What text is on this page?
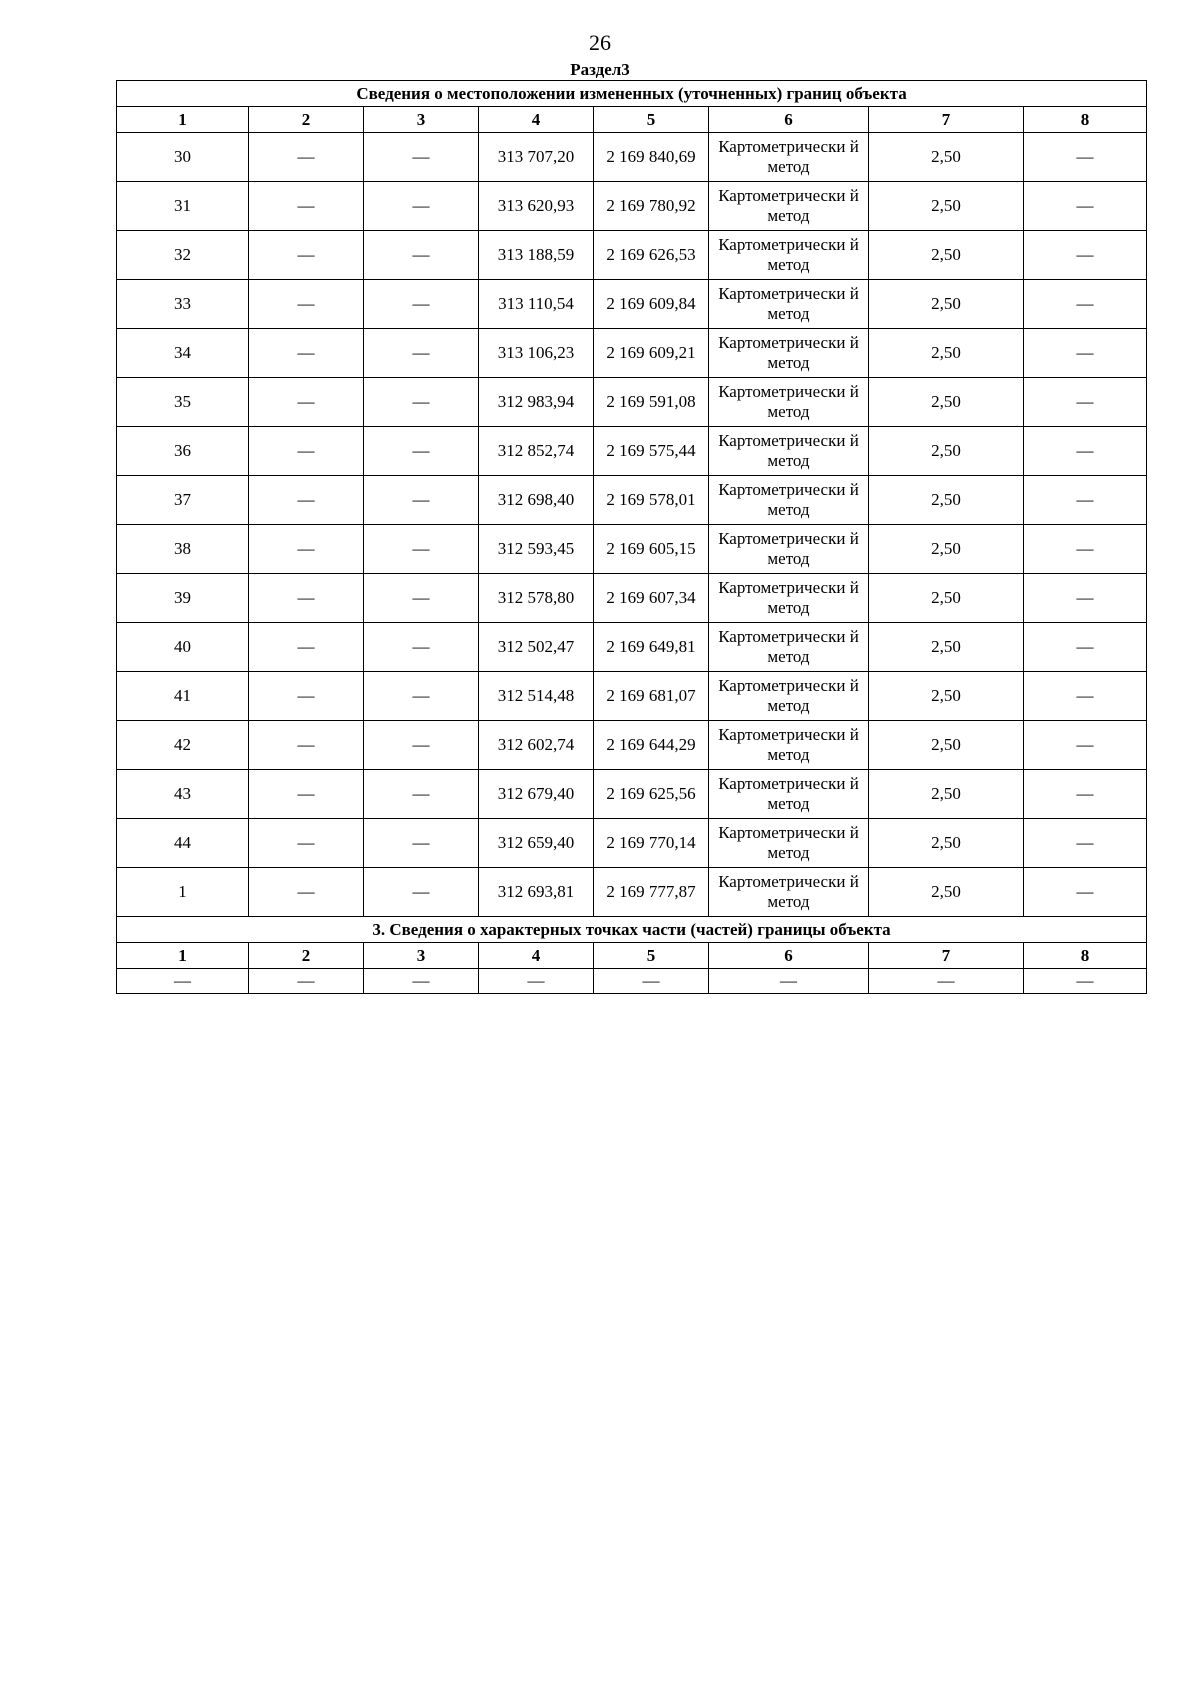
26
Раздел3
Сведения о местоположении измененных (уточненных) границ объекта							
1	2	3	4	5	6	7	8
30	—	—	313 707,20	2 169 840,69	Картометрически й метод	2,50	—
31	—	—	313 620,93	2 169 780,92	Картометрически й метод	2,50	—
32	—	—	313 188,59	2 169 626,53	Картометрически й метод	2,50	—
33	—	—	313 110,54	2 169 609,84	Картометрически й метод	2,50	—
34	—	—	313 106,23	2 169 609,21	Картометрически й метод	2,50	—
35	—	—	312 983,94	2 169 591,08	Картометрически й метод	2,50	—
36	—	—	312 852,74	2 169 575,44	Картометрически й метод	2,50	—
37	—	—	312 698,40	2 169 578,01	Картометрически й метод	2,50	—
38	—	—	312 593,45	2 169 605,15	Картометрически й метод	2,50	—
39	—	—	312 578,80	2 169 607,34	Картометрически й метод	2,50	—
40	—	—	312 502,47	2 169 649,81	Картометрически й метод	2,50	—
41	—	—	312 514,48	2 169 681,07	Картометрически й метод	2,50	—
42	—	—	312 602,74	2 169 644,29	Картометрически й метод	2,50	—
43	—	—	312 679,40	2 169 625,56	Картометрически й метод	2,50	—
44	—	—	312 659,40	2 169 770,14	Картометрически й метод	2,50	—
1	—	—	312 693,81	2 169 777,87	Картометрически й метод	2,50	—
3. Сведения о характерных точках части (частей) границы объекта							
1	2	3	4	5	6	7	8
—	—	—	—	—	—	—	—
